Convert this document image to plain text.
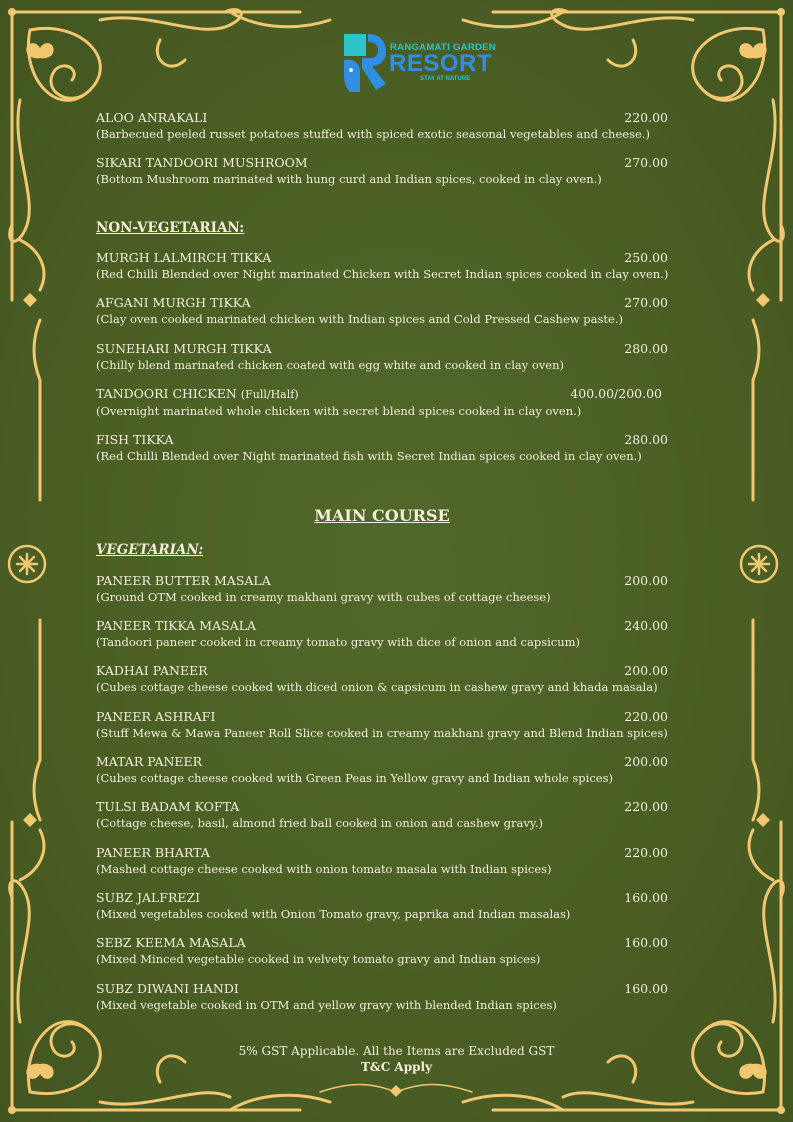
RANGAMATI GARDEN
RESORT
STAY AT NATURE
ALOO ANRAKALI	220.00
(Barbecued peeled russet potatoes stuffed with spiced exotic seasonal vegetables and cheese.)
SIKARI TANDOORI MUSHROOM	270.00
(Bottom Mushroom marinated with hung curd and Indian spices, cooked in clay oven.)
NON-VEGETARIAN:
MURGH LALMIRCH TIKKA	250.00
(Red Chilli Blended over Night marinated Chicken with Secret Indian spices cooked in clay oven.)
AFGANI MURGH TIKKA	270.00
(Clay oven cooked marinated chicken with Indian spices and Cold Pressed Cashew paste.)
SUNEHARI MURGH TIKKA	280.00
(Chilly blend marinated chicken coated with egg white and cooked in clay oven)
TANDOORI CHICKEN (Full/Half)	400.00/200.00
(Overnight marinated whole chicken with secret blend spices cooked in clay oven.)
FISH TIKKA	280.00
(Red Chilli Blended over Night marinated fish with Secret Indian spices cooked in clay oven.)
MAIN COURSE
VEGETARIAN:
PANEER BUTTER MASALA	200.00
(Ground OTM cooked in creamy makhani gravy with cubes of cottage cheese)
PANEER TIKKA MASALA	240.00
(Tandoori paneer cooked in creamy tomato gravy with dice of onion and capsicum)
KADHAI PANEER	200.00
(Cubes cottage cheese cooked with diced onion & capsicum in cashew gravy and khada masala)
PANEER ASHRAFI	220.00
(Stuff Mewa & Mawa Paneer Roll Slice cooked in creamy makhani gravy and Blend Indian spices)
MATAR PANEER	200.00
(Cubes cottage cheese cooked with Green Peas in Yellow gravy and Indian whole spices)
TULSI BADAM KOFTA	220.00
(Cottage cheese, basil, almond fried ball cooked in onion and cashew gravy.)
PANEER BHARTA	220.00
(Mashed cottage cheese cooked with onion tomato masala with Indian spices)
SUBZ JALFREZI	160.00
(Mixed vegetables cooked with Onion Tomato gravy, paprika and Indian masalas)
SEBZ KEEMA MASALA	160.00
(Mixed Minced vegetable cooked in velvety tomato gravy and Indian spices)
SUBZ DIWANI HANDI	160.00
(Mixed vegetable cooked in OTM and yellow gravy with blended Indian spices)
5% GST Applicable. All the Items are Excluded GST
T&C Apply
